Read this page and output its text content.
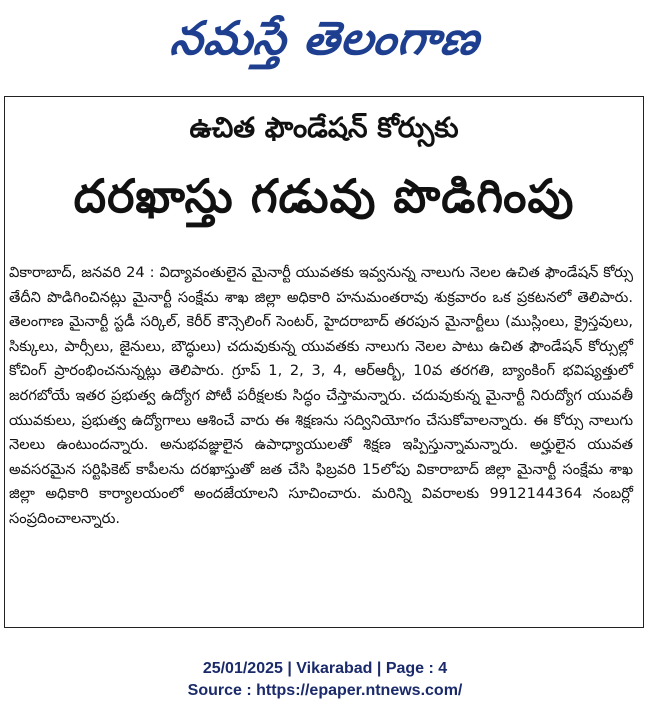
నమస్తే తెలంగాణ
ఉచిత ఫౌండేషన్ కోర్సుకు
దరఖాస్తు గడువు పొడిగింపు
వికారాబాద్, జనవరి 24 : విద్యావంతులైన మైనార్టీ యువతకు ఇవ్వనున్న నాలుగు నెలల ఉచిత ఫౌండేషన్ కోర్సు తేదీని పొడిగించినట్లు మైనార్టీ సంక్షేమ శాఖ జిల్లా అధికారి హనుమంతరావు శుక్రవారం ఒక ప్రకటనలో తెలిపారు. తెలంగాణ మైనార్టీ స్టడీ సర్కిల్, కెరీర్ కౌన్సెలింగ్ సెంటర్, హైదరాబాద్ తరపున మైనార్టీలు (ముస్లింలు, క్రైస్తవులు, సిక్కులు, పార్సీలు, జైనులు, బౌద్ధులు) చదువుకున్న యువతకు నాలుగు నెలల పాటు ఉచిత ఫౌండేషన్ కోర్సుల్లో కోచింగ్ ప్రారంభించనున్నట్లు తెలిపారు. గ్రూప్ 1, 2, 3, 4, ఆర్ఆర్బీ, 10వ తరగతి, బ్యాంకింగ్ భవిష్యత్తులో జరగబోయే ఇతర ప్రభుత్వ ఉద్యోగ పోటీ పరీక్షలకు సిద్ధం చేస్తామన్నారు. చదువుకున్న మైనార్టీ నిరుద్యోగ యువతీ యువకులు, ప్రభుత్వ ఉద్యోగాలు ఆశించే వారు ఈ శిక్షణను సద్వినియోగం చేసుకోవాలన్నారు. ఈ కోర్సు నాలుగు నెలలు ఉంటుందన్నారు. అనుభవజ్ఞులైన ఉపాధ్యాయులతో శిక్షణ ఇప్పిస్తున్నామన్నారు. అర్హులైన యువత అవసరమైన సర్టిఫికెట్ కాపీలను దరఖాస్తుతో జత చేసి ఫిబ్రవరి 15లోపు వికారాబాద్ జిల్లా మైనార్టీ సంక్షేమ శాఖ జిల్లా అధికారి కార్యాలయంలో అందజేయాలని సూచించారు. మరిన్ని వివరాలకు 9912144364 నంబర్లో సంప్రదించాలన్నారు.
25/01/2025 | Vikarabad | Page : 4
Source : https://epaper.ntnews.com/
